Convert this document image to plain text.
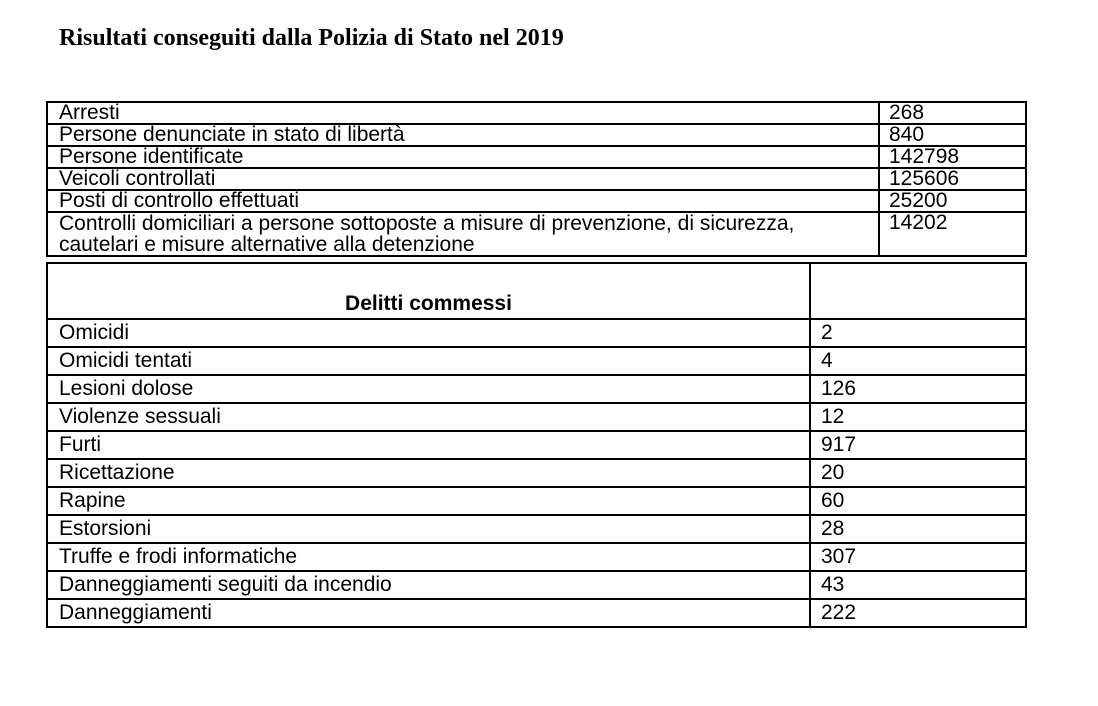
Risultati conseguiti dalla Polizia di Stato nel 2019
Arresti	268
Persone denunciate in stato di libertà	840
Persone identificate	142798
Veicoli controllati	125606
Posti di controllo effettuati	25200
Controlli domiciliari a persone sottoposte a misure di prevenzione, di sicurezza, cautelari e misure alternative alla detenzione	14202
Delitti commessi	
Omicidi	2
Omicidi tentati	4
Lesioni dolose	126
Violenze sessuali	12
Furti	917
Ricettazione	20
Rapine	60
Estorsioni	28
Truffe e frodi informatiche	307
Danneggiamenti seguiti da incendio	43
Danneggiamenti	222
